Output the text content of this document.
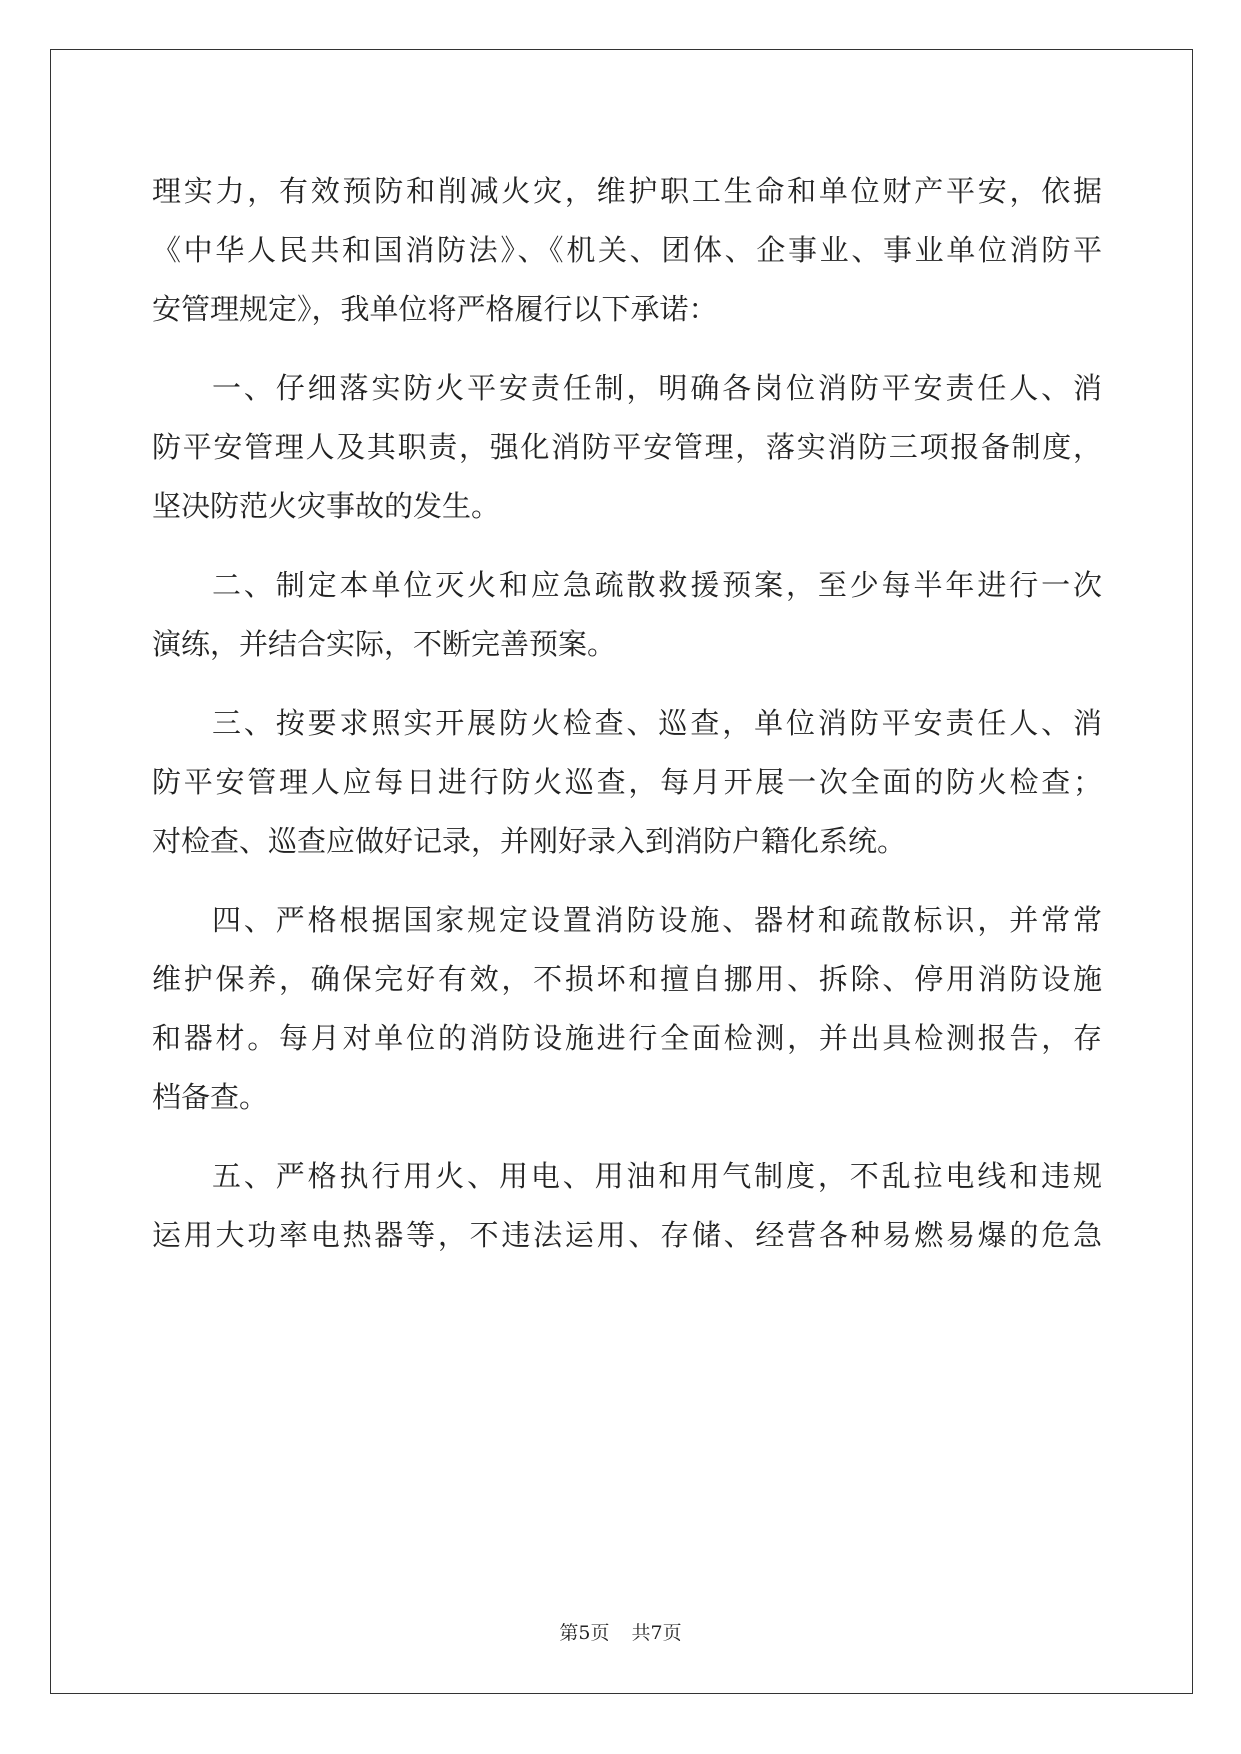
理实力，有效预防和削减火灾，维护职工生命和单位财产平安，依据
《中华人民共和国消防法》、《机关、团体、企事业、事业单位消防平
安管理规定》，我单位将严格履行以下承诺：
一、仔细落实防火平安责任制，明确各岗位消防平安责任人、消
防平安管理人及其职责，强化消防平安管理，落实消防三项报备制度，
坚决防范火灾事故的发生。
二、制定本单位灭火和应急疏散救援预案，至少每半年进行一次
演练，并结合实际，不断完善预案。
三、按要求照实开展防火检查、巡查，单位消防平安责任人、消
防平安管理人应每日进行防火巡查，每月开展一次全面的防火检查；
对检查、巡查应做好记录，并刚好录入到消防户籍化系统。
四、严格根据国家规定设置消防设施、器材和疏散标识，并常常
维护保养，确保完好有效，不损坏和擅自挪用、拆除、停用消防设施
和器材。每月对单位的消防设施进行全面检测，并出具检测报告，存
档备查。
五、严格执行用火、用电、用油和用气制度，不乱拉电线和违规
运用大功率电热器等，不违法运用、存储、经营各种易燃易爆的危急
第5页 共7页
